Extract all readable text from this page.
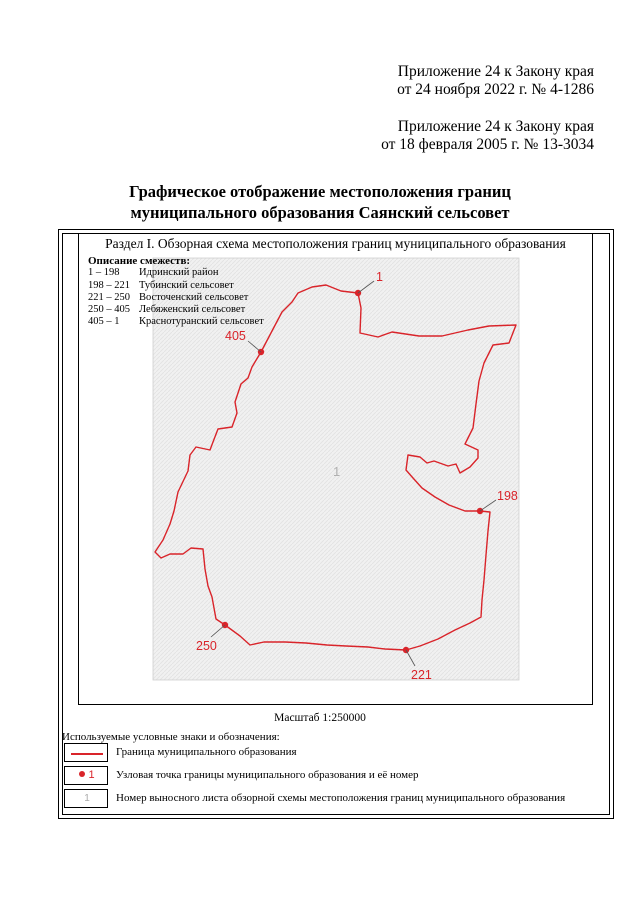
Приложение 24 к Закону края
от 24 ноября 2022 г. № 4-1286
Приложение 24 к Закону края
от 18 февраля 2005 г. № 13-3034
Графическое отображение местоположения границ
муниципального образования Саянский сельсовет
1
198
221
250
405
1
Раздел I. Обзорная схема местоположения границ муниципального образования
Описание смежеств:
1 – 198 Идринский район
198 – 221 Тубинский сельсовет
221 – 250 Восточенский сельсовет
250 – 405 Лебяженский сельсовет
405 – 1 Краснотуранский сельсовет
Масштаб 1:250000
Используемые условные знаки и обозначения:
Граница муниципального образования
1	Узловая точка границы муниципального образования и её номер
1	Номер выносного листа обзорной схемы местоположения границ муниципального образования
